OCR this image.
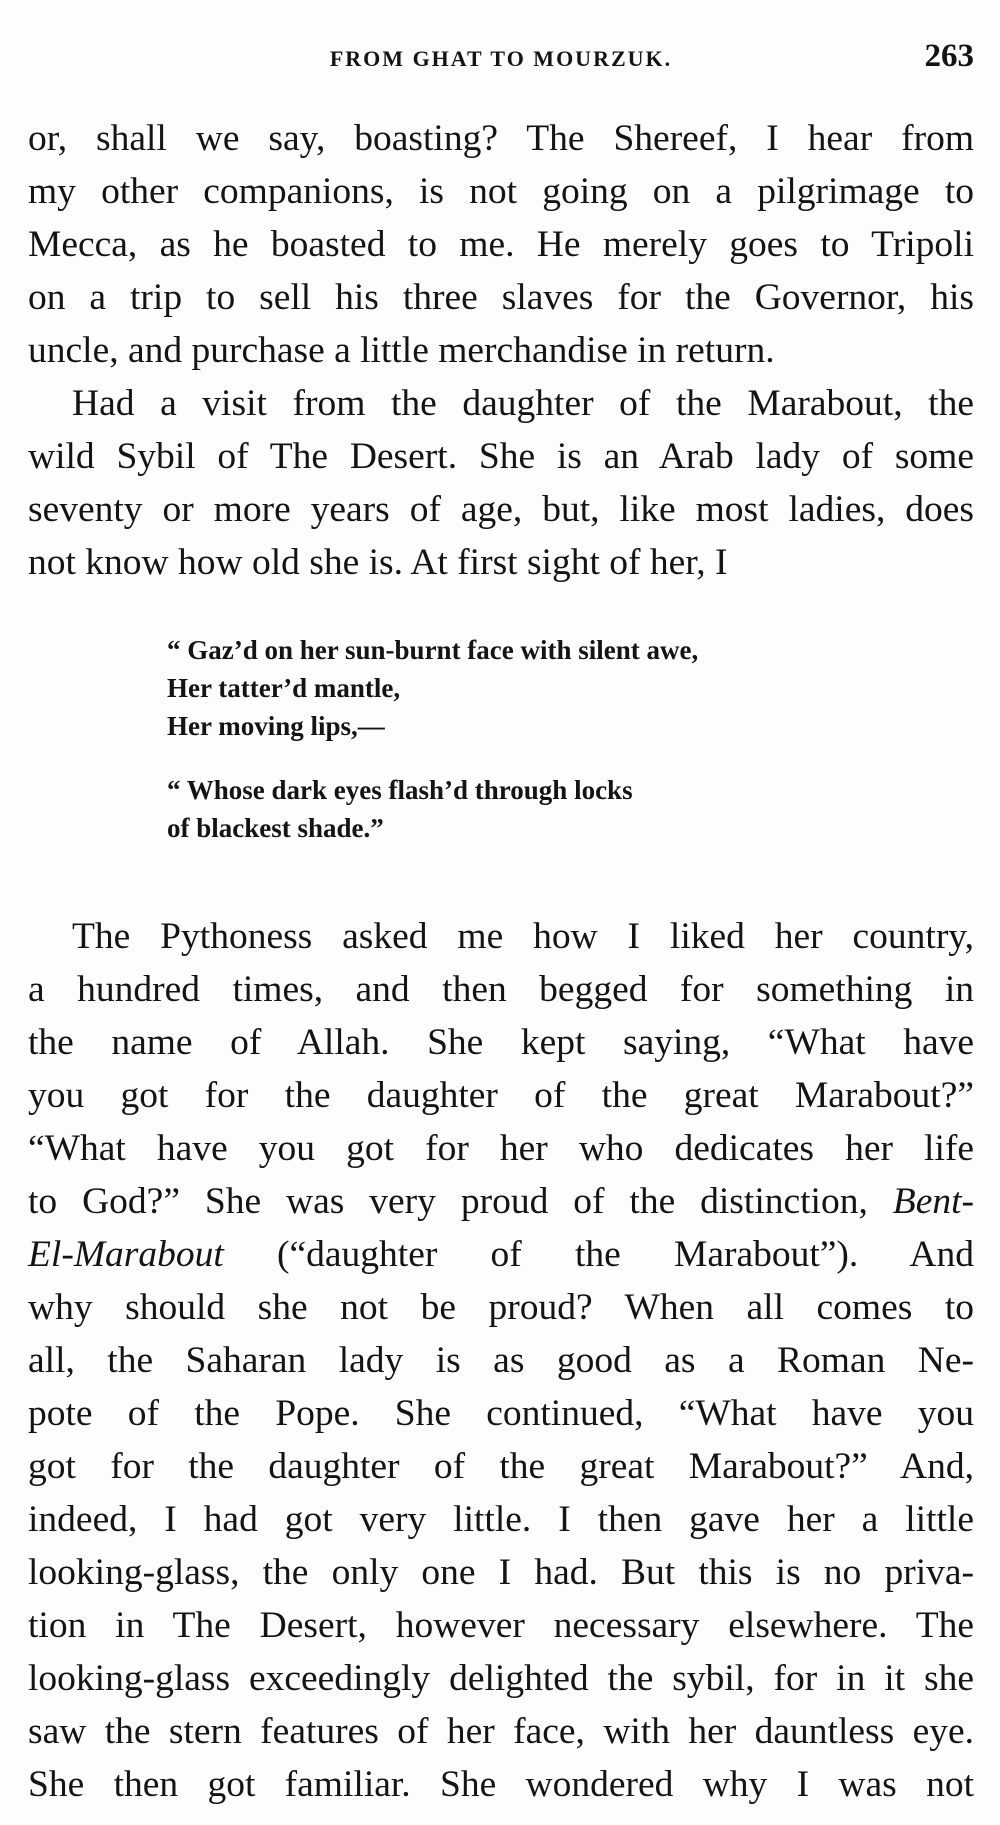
FROM GHAT TO MOURZUK.	263
or, shall we say, boasting? The Shereef, I hear from
my other companions, is not going on a pilgrimage to
Mecca, as he boasted to me. He merely goes to Tripoli
on a trip to sell his three slaves for the Governor, his
uncle, and purchase a little merchandise in return.
Had a visit from the daughter of the Marabout, the
wild Sybil of The Desert. She is an Arab lady of some
seventy or more years of age, but, like most ladies, does
not know how old she is. At first sight of her, I
“ Gaz’d on her sun-burnt face with silent awe,
Her tatter’d mantle,
Her moving lips,—
“ Whose dark eyes flash’d through locks
of blackest shade.”
The Pythoness asked me how I liked her country,
a hundred times, and then begged for something in
the name of Allah. She kept saying, “What have
you got for the daughter of the great Marabout?”
“What have you got for her who dedicates her life
to God?” She was very proud of the distinction, Bent-
El-Marabout (“daughter of the Marabout”). And
why should she not be proud? When all comes to
all, the Saharan lady is as good as a Roman Ne-
pote of the Pope. She continued, “What have you
got for the daughter of the great Marabout?” And,
indeed, I had got very little. I then gave her a little
looking-glass, the only one I had. But this is no priva-
tion in The Desert, however necessary elsewhere. The
looking-glass exceedingly delighted the sybil, for in it she
saw the stern features of her face, with her dauntless eye.
She then got familiar. She wondered why I was not
